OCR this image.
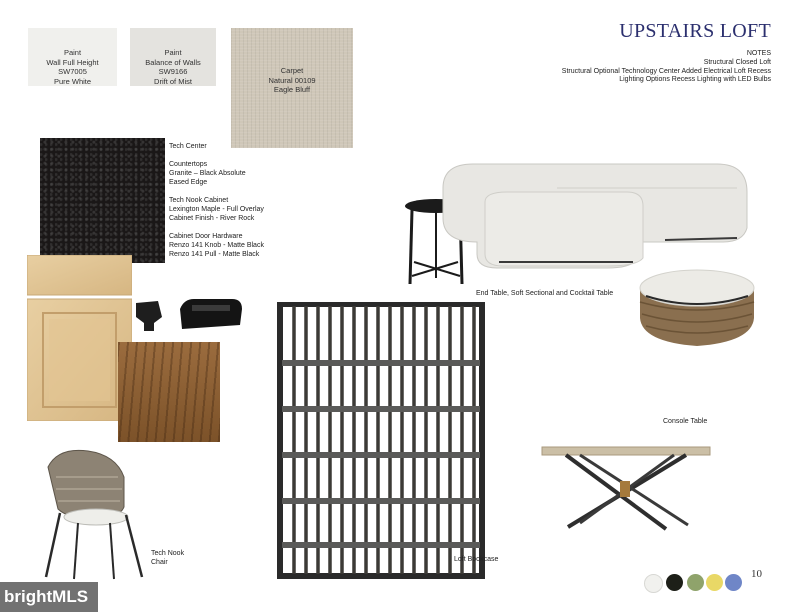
UPSTAIRS LOFT
NOTES
Structural Closed Loft
Structural Optional Technology Center Added Electrical Loft Recess
Lighting Options Recess Lighting with LED Bulbs
Paint
Wall Full Height
SW7005
Pure White
Paint
Balance of Walls
SW9166
Drift of Mist
Carpet
Natural 00109
Eagle Bluff
Tech Center
Countertops
Granite – Black Absolute
Eased Edge
Tech Nook Cabinet
Lexington Maple - Full Overlay
Cabinet Finish - River Rock
Cabinet Door Hardware
Renzo 141 Knob - Matte Black
Renzo 141 Pull - Matte Black
Tech Nook
Chair	Loft Bookcase
End Table, Soft Sectional and Cocktail Table
Console Table
10
brightMLS
